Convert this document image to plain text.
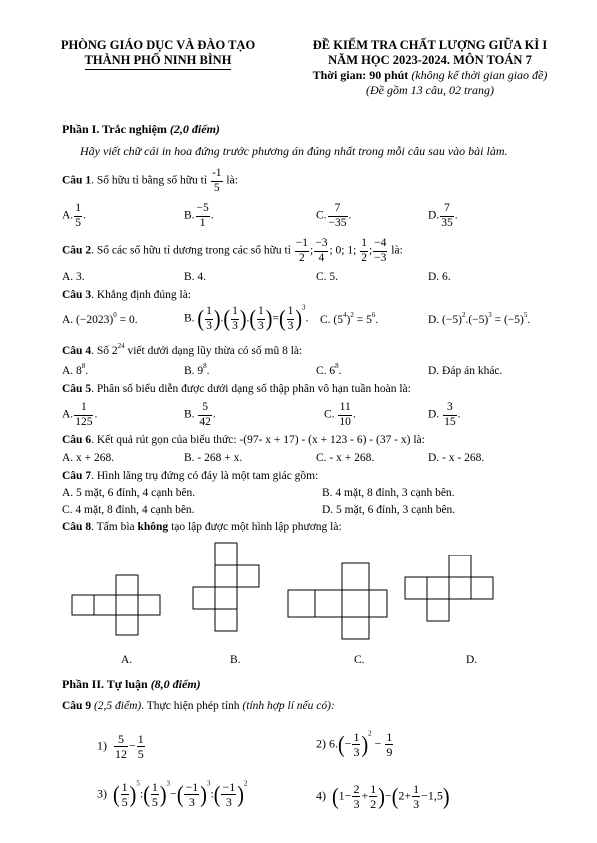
PHÒNG GIÁO DỤC VÀ ĐÀO TẠO
THÀNH PHỐ NINH BÌNH
ĐỀ KIỂM TRA CHẤT LƯỢNG GIỮA KÌ I
NĂM HỌC 2023-2024. MÔN TOÁN 7
Thời gian: 90 phút (không kể thời gian giao đề)
(Đề gồm 13 câu, 02 trang)
Phần I. Trắc nghiệm (2,0 điểm)
Hãy viết chữ cái in hoa đứng trước phương án đúng nhất trong mỗi câu sau vào bài làm.
Câu 1. Số hữu tỉ bằng số hữu tỉ $\frac{-1}{5}$ là:
A. $\frac{1}{5}$ .	B. $\frac{-5}{1}$ .	C. $\frac{7}{-35}$ .	D. $\frac{7}{35}$ .
Câu 2. Số các số hữu tỉ dương trong các số hữu tỉ $\frac{-1}{2}$ ; $\frac{-3}{4}$ ; 0; 1; $\frac{1}{2}$ ; $\frac{-4}{-3}$ là:
A. 3.	B. 4.	C. 5.	D. 6.
Câu 3. Khẳng định đúng là:
A. $(-2023)^0 = 0$.	B. ( $\frac{1}{3}$ ).( $\frac{1}{3}$ ).( $\frac{1}{3}$ )=( $\frac{1}{3} )^3$. C. $(5^4)^2 = 5^6$.	D. $(-5)^2.(-5)^3 = (-5)^5$.
Câu 4. Số $2^{24}$ viết dưới dạng lũy thừa có số mũ 8 là:
A. $8^8$.	B. $9^8$.	C. $6^8$.	D. Đáp án khác.
Câu 5. Phân số biểu diễn được dưới dạng số thập phân vô hạn tuần hoàn là:
A. $\frac{1}{125}$ .	B. $\frac{5}{42}$ .	C. $\frac{11}{10}$ .	D. $\frac{3}{15}$ .
Câu 6. Kết quả rút gọn của biểu thức: -(97- x + 17) - (x + 123 - 6) - (37 - x) là:
A. x + 268.	B. - 268 + x.	C. - x + 268.	D. - x - 268.
Câu 7. Hình lăng trụ đứng có đáy là một tam giác gồm:
A. 5 mặt, 6 đỉnh, 4 cạnh bên.	B. 4 mặt, 8 đỉnh, 3 cạnh bên.
C. 4 mặt, 8 đỉnh, 4 cạnh bên.	D. 5 mặt, 6 đỉnh, 3 cạnh bên.
Câu 8. Tấm bìa không tạo lập được một hình lập phương là:
A.	B.	C.	D.
Phần II. Tự luận (8,0 điểm)
Câu 9 (2,5 điểm). Thực hiện phép tính (tính hợp lí nếu có):
$1) \frac{5}{12} - \frac{1}{5}$	2) $6.(- \frac{1}{3} )^2 - \frac{1}{9}$
3) ( $\frac{1}{5}$ )$^5$:( $\frac{1}{5} )^3-( \frac{-1}{3}$ )$^3:( \frac{-1}{3} )^2$
4) $(1- \frac{2}{3} + \frac{1}{2} )-(2+ \frac{1}{3} -1,5)$
